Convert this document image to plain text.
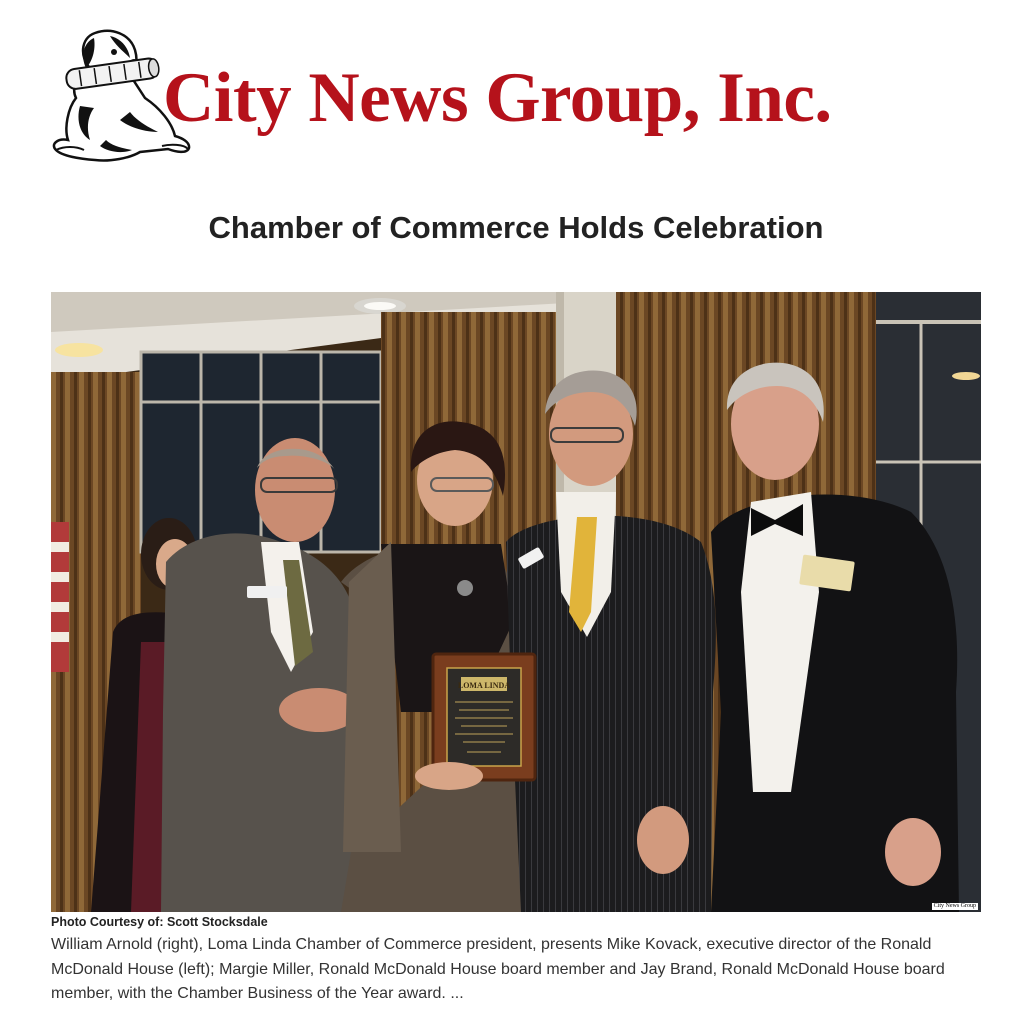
City News Group, Inc.
Chamber of Commerce Holds Celebration
LOMA LINDA
City News Group
Photo Courtesy of: Scott Stocksdale

William Arnold (right), Loma Linda Chamber of Commerce president, presents Mike Kovack, executive director of the Ronald McDonald House (left); Margie Miller, Ronald McDonald House board member and Jay Brand, Ronald McDonald House board member, with the Chamber Business of the Year award. ...
